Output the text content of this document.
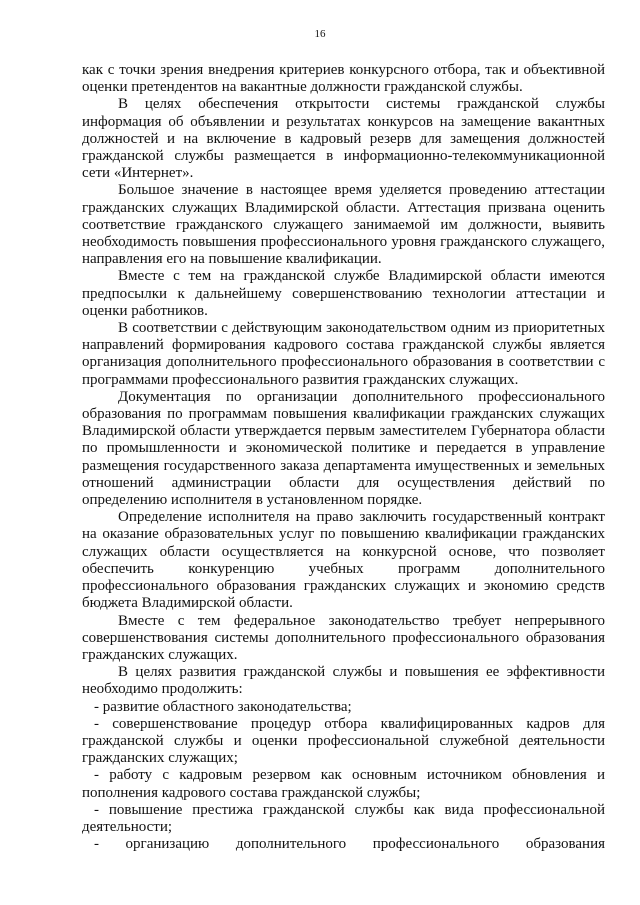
16

как с точки зрения внедрения критериев конкурсного отбора, так и объективной оценки претендентов на вакантные должности гражданской службы.

В целях обеспечения открытости системы гражданской службы информация об объявлении и результатах конкурсов на замещение вакантных должностей и на включение в кадровый резерв для замещения должностей гражданской службы размещается в информационно-телекоммуникационной сети «Интернет».

Большое значение в настоящее время уделяется проведению аттестации гражданских служащих Владимирской области. Аттестация призвана оценить соответствие гражданского служащего занимаемой им должности, выявить необходимость повышения профессионального уровня гражданского служащего, направления его на повышение квалификации.

Вместе с тем на гражданской службе Владимирской области имеются предпосылки к дальнейшему совершенствованию технологии аттестации и оценки работников.

В соответствии с действующим законодательством одним из приоритетных направлений формирования кадрового состава гражданской службы является организация дополнительного профессионального образования в соответствии с программами профессионального развития гражданских служащих.

Документация по организации дополнительного профессионального образования по программам повышения квалификации гражданских служащих Владимирской области утверждается первым заместителем Губернатора области по промышленности и экономической политике и передается в управление размещения государственного заказа департамента имущественных и земельных отношений администрации области для осуществления действий по определению исполнителя в установленном порядке.

Определение исполнителя на право заключить государственный контракт на оказание образовательных услуг по повышению квалификации гражданских служащих области осуществляется на конкурсной основе, что позволяет обеспечить конкуренцию учебных программ дополнительного профессионального образования гражданских служащих и экономию средств бюджета Владимирской области.

Вместе с тем федеральное законодательство требует непрерывного совершенствования системы дополнительного профессионального образования гражданских служащих.

В целях развития гражданской службы и повышения ее эффективности необходимо продолжить:

- развитие областного законодательства;

- совершенствование процедур отбора квалифицированных кадров для гражданской службы и оценки профессиональной служебной деятельности гражданских служащих;

- работу с кадровым резервом как основным источником обновления и пополнения кадрового состава гражданской службы;

- повышение престижа гражданской службы как вида профессиональной деятельности;

- организацию дополнительного профессионального образования
